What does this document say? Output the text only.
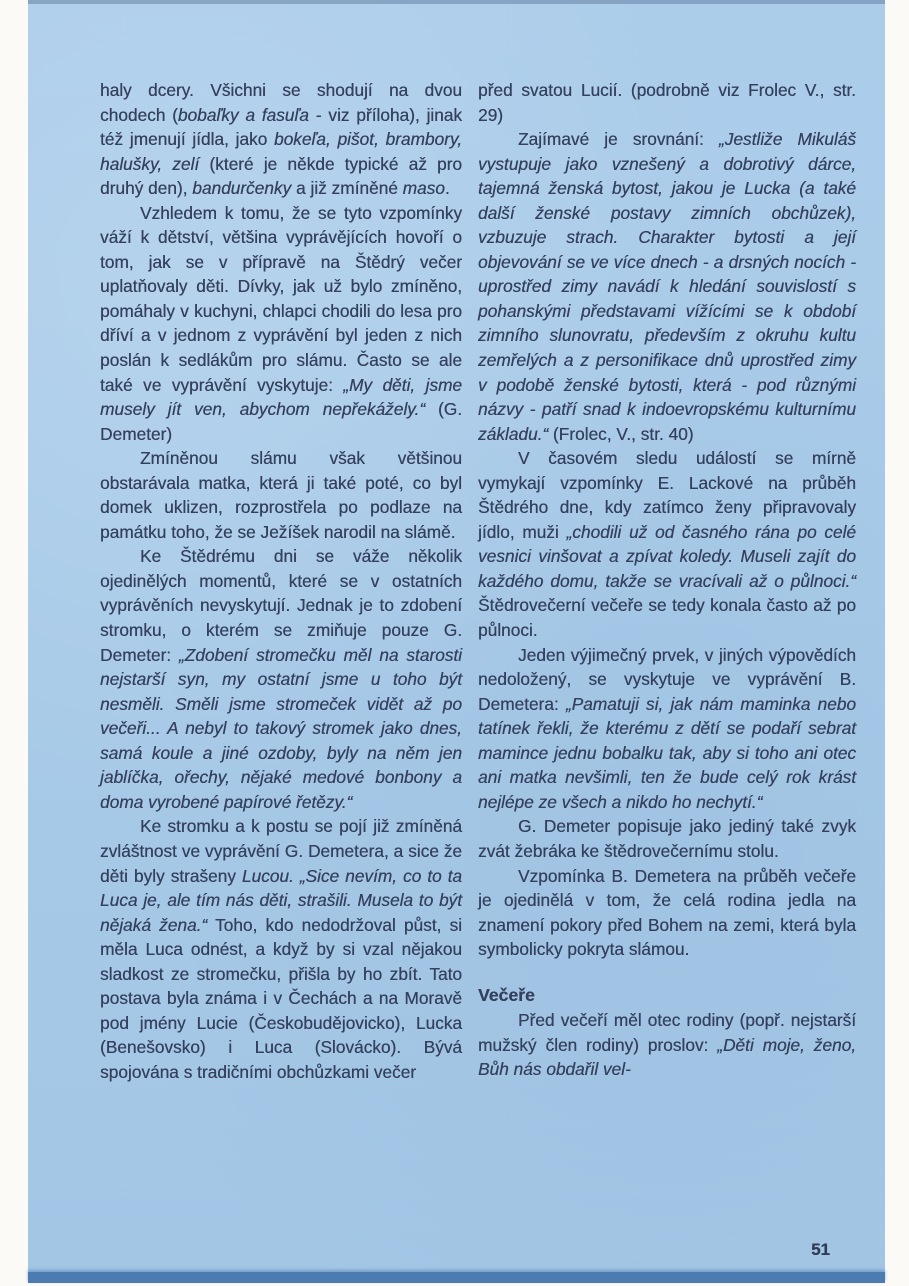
haly dcery. Všichni se shodují na dvou chodech (bobaľky a fasuľa - viz příloha), jinak též jmenují jídla, jako bokeľa, pišot, brambory, halušky, zelí (které je někde typické až pro druhý den), bandurčenky a již zmíněné maso.

Vzhledem k tomu, že se tyto vzpomínky váží k dětství, většina vyprávějících hovoří o tom, jak se v přípravě na Štědrý večer uplatňovaly děti. Dívky, jak už bylo zmíněno, pomáhaly v kuchyni, chlapci chodili do lesa pro dříví a v jednom z vyprávění byl jeden z nich poslán k sedlákům pro slámu. Často se ale také ve vyprávění vyskytuje: „My děti, jsme musely jít ven, abychom nepřekážely.“ (G. Demeter)

Zmíněnou slámu však většinou obstarávala matka, která ji také poté, co byl domek uklizen, rozprostřela po podlaze na památku toho, že se Ježíšek narodil na slámě.

Ke Štědrému dni se váže několik ojedinělých momentů, které se v ostatních vyprávěních nevyskytují. Jednak je to zdobení stromku, o kterém se zmiňuje pouze G. Demeter: „Zdobení stromečku měl na starosti nejstarší syn, my ostatní jsme u toho být nesměli. Směli jsme stromeček vidět až po večeři... A nebyl to takový stromek jako dnes, samá koule a jiné ozdoby, byly na něm jen jablíčka, ořechy, nějaké medové bonbony a doma vyrobené papírové řetězy.“

Ke stromku a k postu se pojí již zmíněná zvláštnost ve vyprávění G. Demetera, a sice že děti byly strašeny Lucou. „Sice nevím, co to ta Luca je, ale tím nás děti, strašili. Musela to být nějaká žena.“ Toho, kdo nedodržoval půst, si měla Luca odnést, a když by si vzal nějakou sladkost ze stromečku, přišla by ho zbít. Tato postava byla známa i v Čechách a na Moravě pod jmény Lucie (Českobudějovicko), Lucka (Benešovsko) i Luca (Slovácko). Bývá spojována s tradičními obchůzkami večer

před svatou Lucií. (podrobně viz Frolec V., str. 29)

Zajímavé je srovnání: „Jestliže Mikuláš vystupuje jako vznešený a dobrotivý dárce, tajemná ženská bytost, jakou je Lucka (a také další ženské postavy zimních obchůzek), vzbuzuje strach. Charakter bytosti a její objevování se ve více dnech - a drsných nocích - uprostřed zimy navádí k hledání souvislostí s pohanskými představami vížícími se k období zimního slunovratu, především z okruhu kultu zemřelých a z personifikace dnů uprostřed zimy v podobě ženské bytosti, která - pod různými názvy - patří snad k indoevropskému kulturnímu základu.“ (Frolec, V., str. 40)

V časovém sledu událostí se mírně vymykají vzpomínky E. Lackové na průběh Štědrého dne, kdy zatímco ženy připravovaly jídlo, muži „chodili už od časného rána po celé vesnici vinšovat a zpívat koledy. Museli zajít do každého domu, takže se vracívali až o půlnoci.“ Štědrovečerní večeře se tedy konala často až po půlnoci.

Jeden výjimečný prvek, v jiných výpovědích nedoložený, se vyskytuje ve vyprávění B. Demetera: „Pamatuji si, jak nám maminka nebo tatínek řekli, že kterému z dětí se podaří sebrat mamince jednu bobalku tak, aby si toho ani otec ani matka nevšimli, ten že bude celý rok krást nejlépe ze všech a nikdo ho nechytí.“

G. Demeter popisuje jako jediný také zvyk zvát žebráka ke štědrovečernímu stolu.

Vzpomínka B. Demetera na průběh večeře je ojedinělá v tom, že celá rodina jedla na znamení pokory před Bohem na zemi, která byla symbolicky pokryta slámou.

Večeře

Před večeří měl otec rodiny (popř. nejstarší mužský člen rodiny) proslov: „Děti moje, ženo, Bůh nás obdařil vel-

51
